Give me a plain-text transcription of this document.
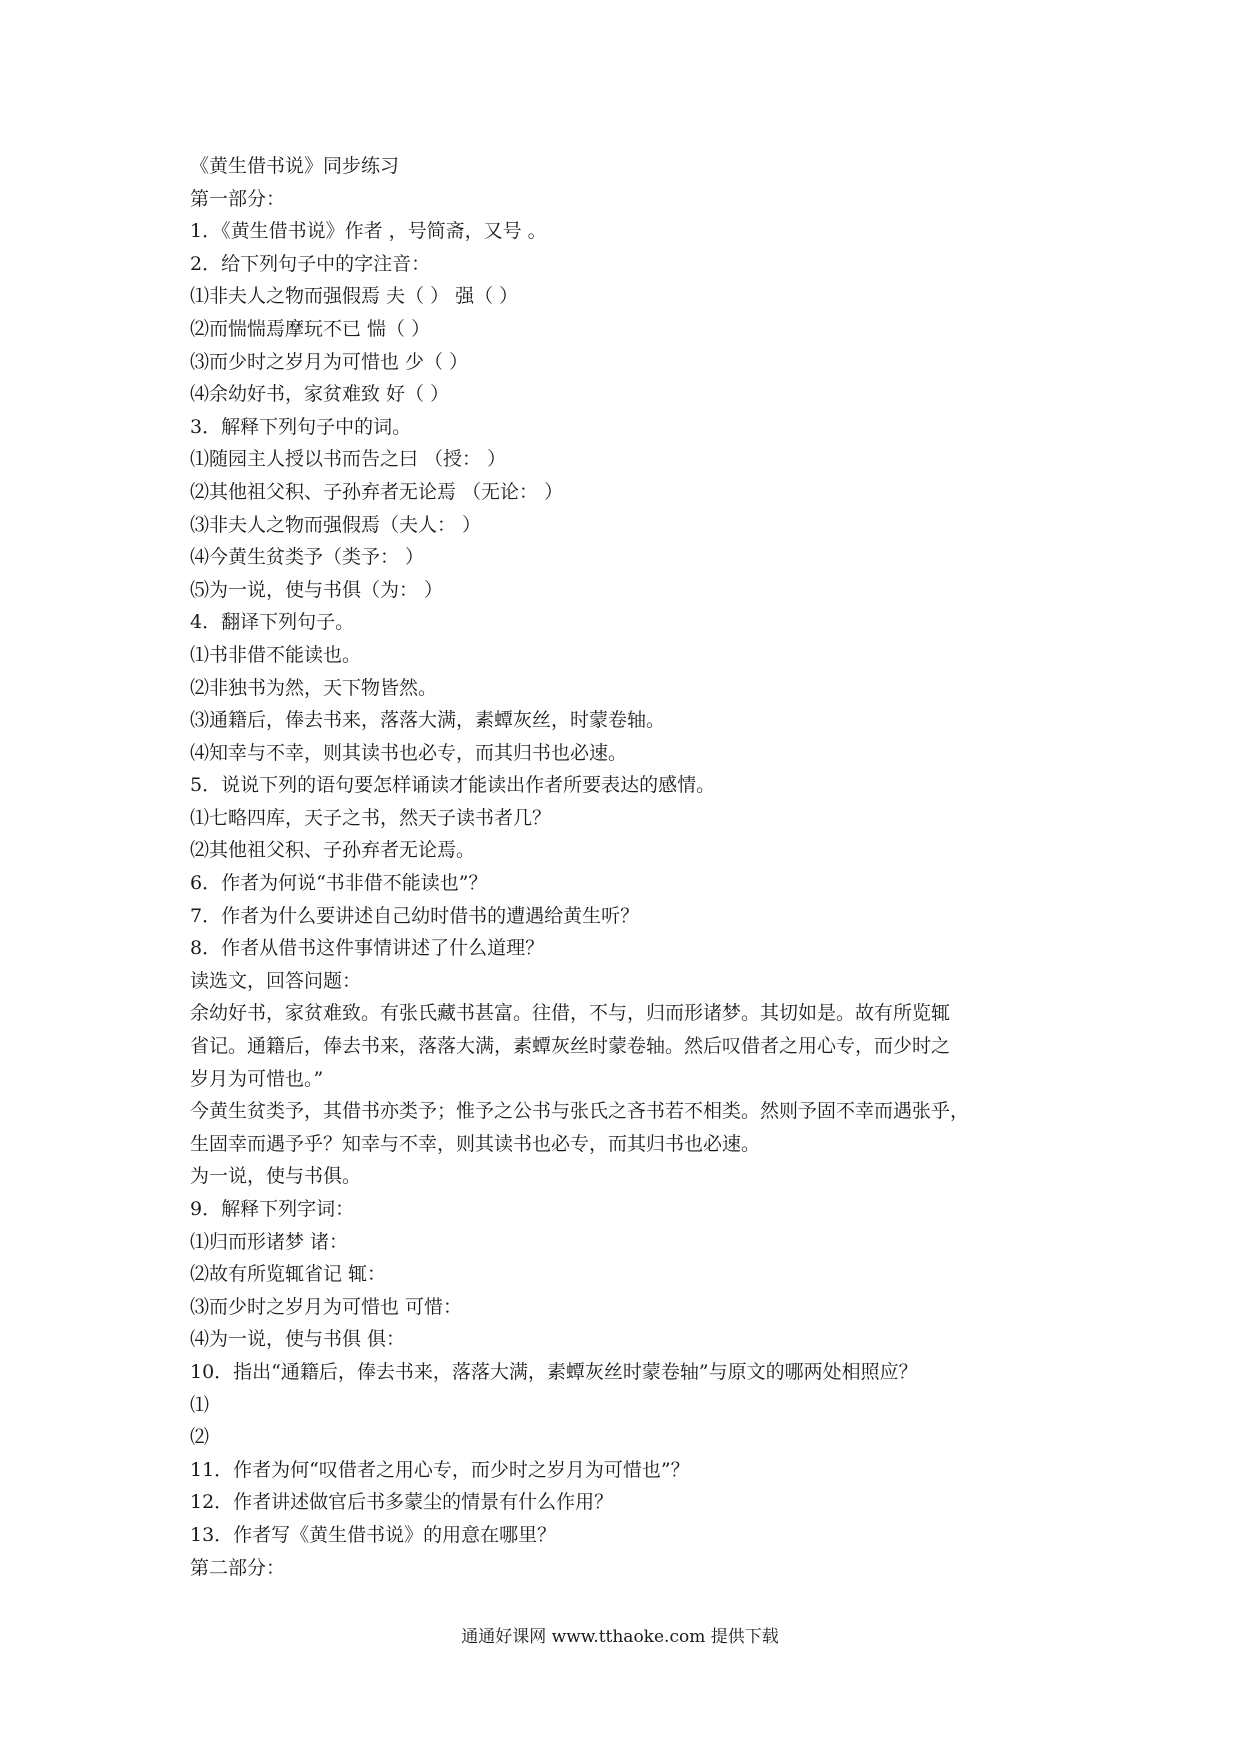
《黄生借书说》同步练习
第一部分：
1．《黄生借书说》作者 ，号简斋，又号 。
2．给下列句子中的字注音：
⑴非夫人之物而强假焉 夫（ ） 强（ ）
⑵而惴惴焉摩玩不已 惴（ ）
⑶而少时之岁月为可惜也 少（ ）
⑷余幼好书，家贫难致 好（ ）
3．解释下列句子中的词。
⑴随园主人授以书而告之曰 （授： ）
⑵其他祖父积、子孙弃者无论焉 （无论： ）
⑶非夫人之物而强假焉（夫人： ）
⑷今黄生贫类予（类予： ）
⑸为一说，使与书俱（为： ）
4．翻译下列句子。
⑴书非借不能读也。
⑵非独书为然，天下物皆然。
⑶通籍后，俸去书来，落落大满，素蟫灰丝，时蒙卷轴。
⑷知幸与不幸，则其读书也必专，而其归书也必速。
5．说说下列的语句要怎样诵读才能读出作者所要表达的感情。
⑴七略四库，天子之书，然天子读书者几？
⑵其他祖父积、子孙弃者无论焉。
6．作者为何说“书非借不能读也”？
7．作者为什么要讲述自己幼时借书的遭遇给黄生听？
8．作者从借书这件事情讲述了什么道理？
读选文，回答问题：
余幼好书，家贫难致。有张氏藏书甚富。往借，不与，归而形诸梦。其切如是。故有所览辄
省记。通籍后，俸去书来，落落大满，素蟫灰丝时蒙卷轴。然后叹借者之用心专，而少时之
岁月为可惜也。”
今黄生贫类予，其借书亦类予；惟予之公书与张氏之吝书若不相类。然则予固不幸而遇张乎，
生固幸而遇予乎？知幸与不幸，则其读书也必专，而其归书也必速。
为一说，使与书俱。
9．解释下列字词：
⑴归而形诸梦 诸：
⑵故有所览辄省记 辄：
⑶而少时之岁月为可惜也 可惜：
⑷为一说，使与书俱 俱：
10．指出“通籍后，俸去书来，落落大满，素蟫灰丝时蒙卷轴”与原文的哪两处相照应？
⑴
⑵
11．作者为何“叹借者之用心专，而少时之岁月为可惜也”？
12．作者讲述做官后书多蒙尘的情景有什么作用？
13．作者写《黄生借书说》的用意在哪里？
第二部分：
通通好课网 www.tthaoke.com 提供下载
